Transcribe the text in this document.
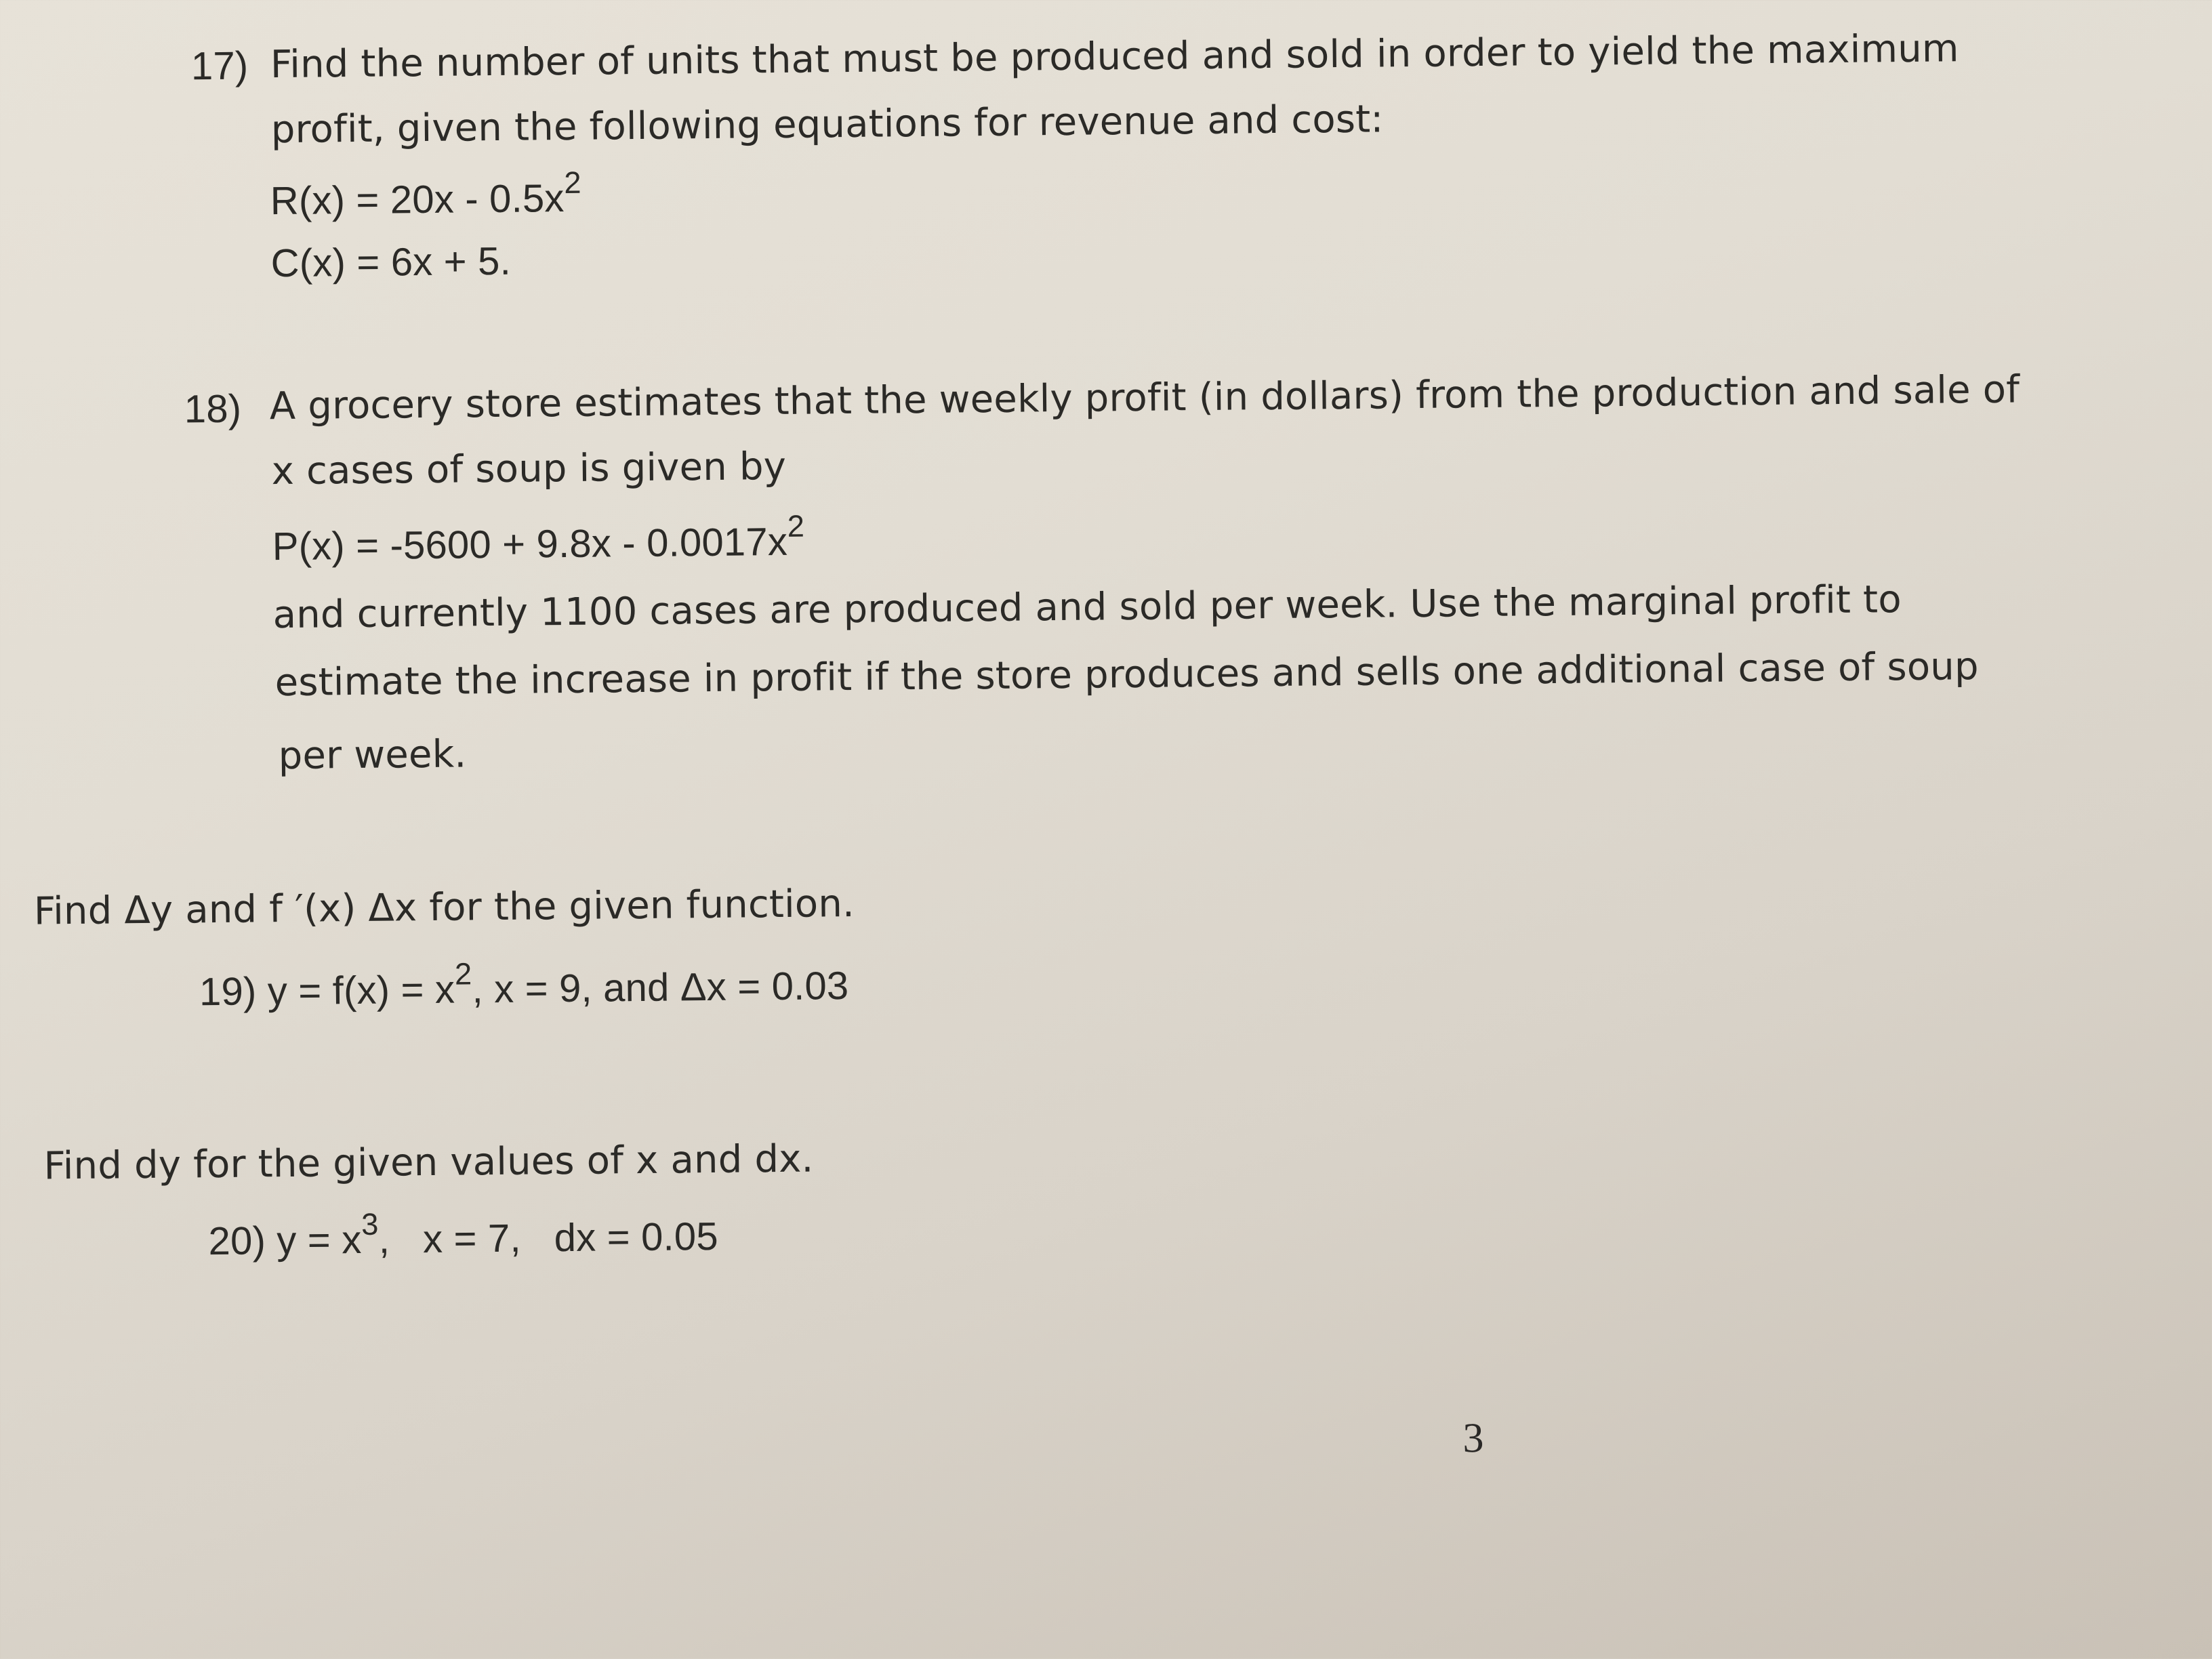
17) Find the number of units that must be produced and sold in order to yield the maximum
profit, given the following equations for revenue and cost:
$R(x) = 20x - 0.5x^2$
C(x) = 6x + 5.
18) A grocery store estimates that the weekly profit (in dollars) from the production and sale of
x cases of soup is given by
$P(x) = -5600 + 9.8x - 0.0017x^2$
and currently 1100 cases are produced and sold per week. Use the marginal profit to
estimate the increase in profit if the store produces and sells one additional case of soup
per week.
Find Δy and f ′(x) Δx for the given function.
19) $y = f(x) = x^2$, x = 9, and Δx = 0.03
Find dy for the given values of x and dx.
20) $y = x^3$,   x = 7,   dx = 0.05
3
